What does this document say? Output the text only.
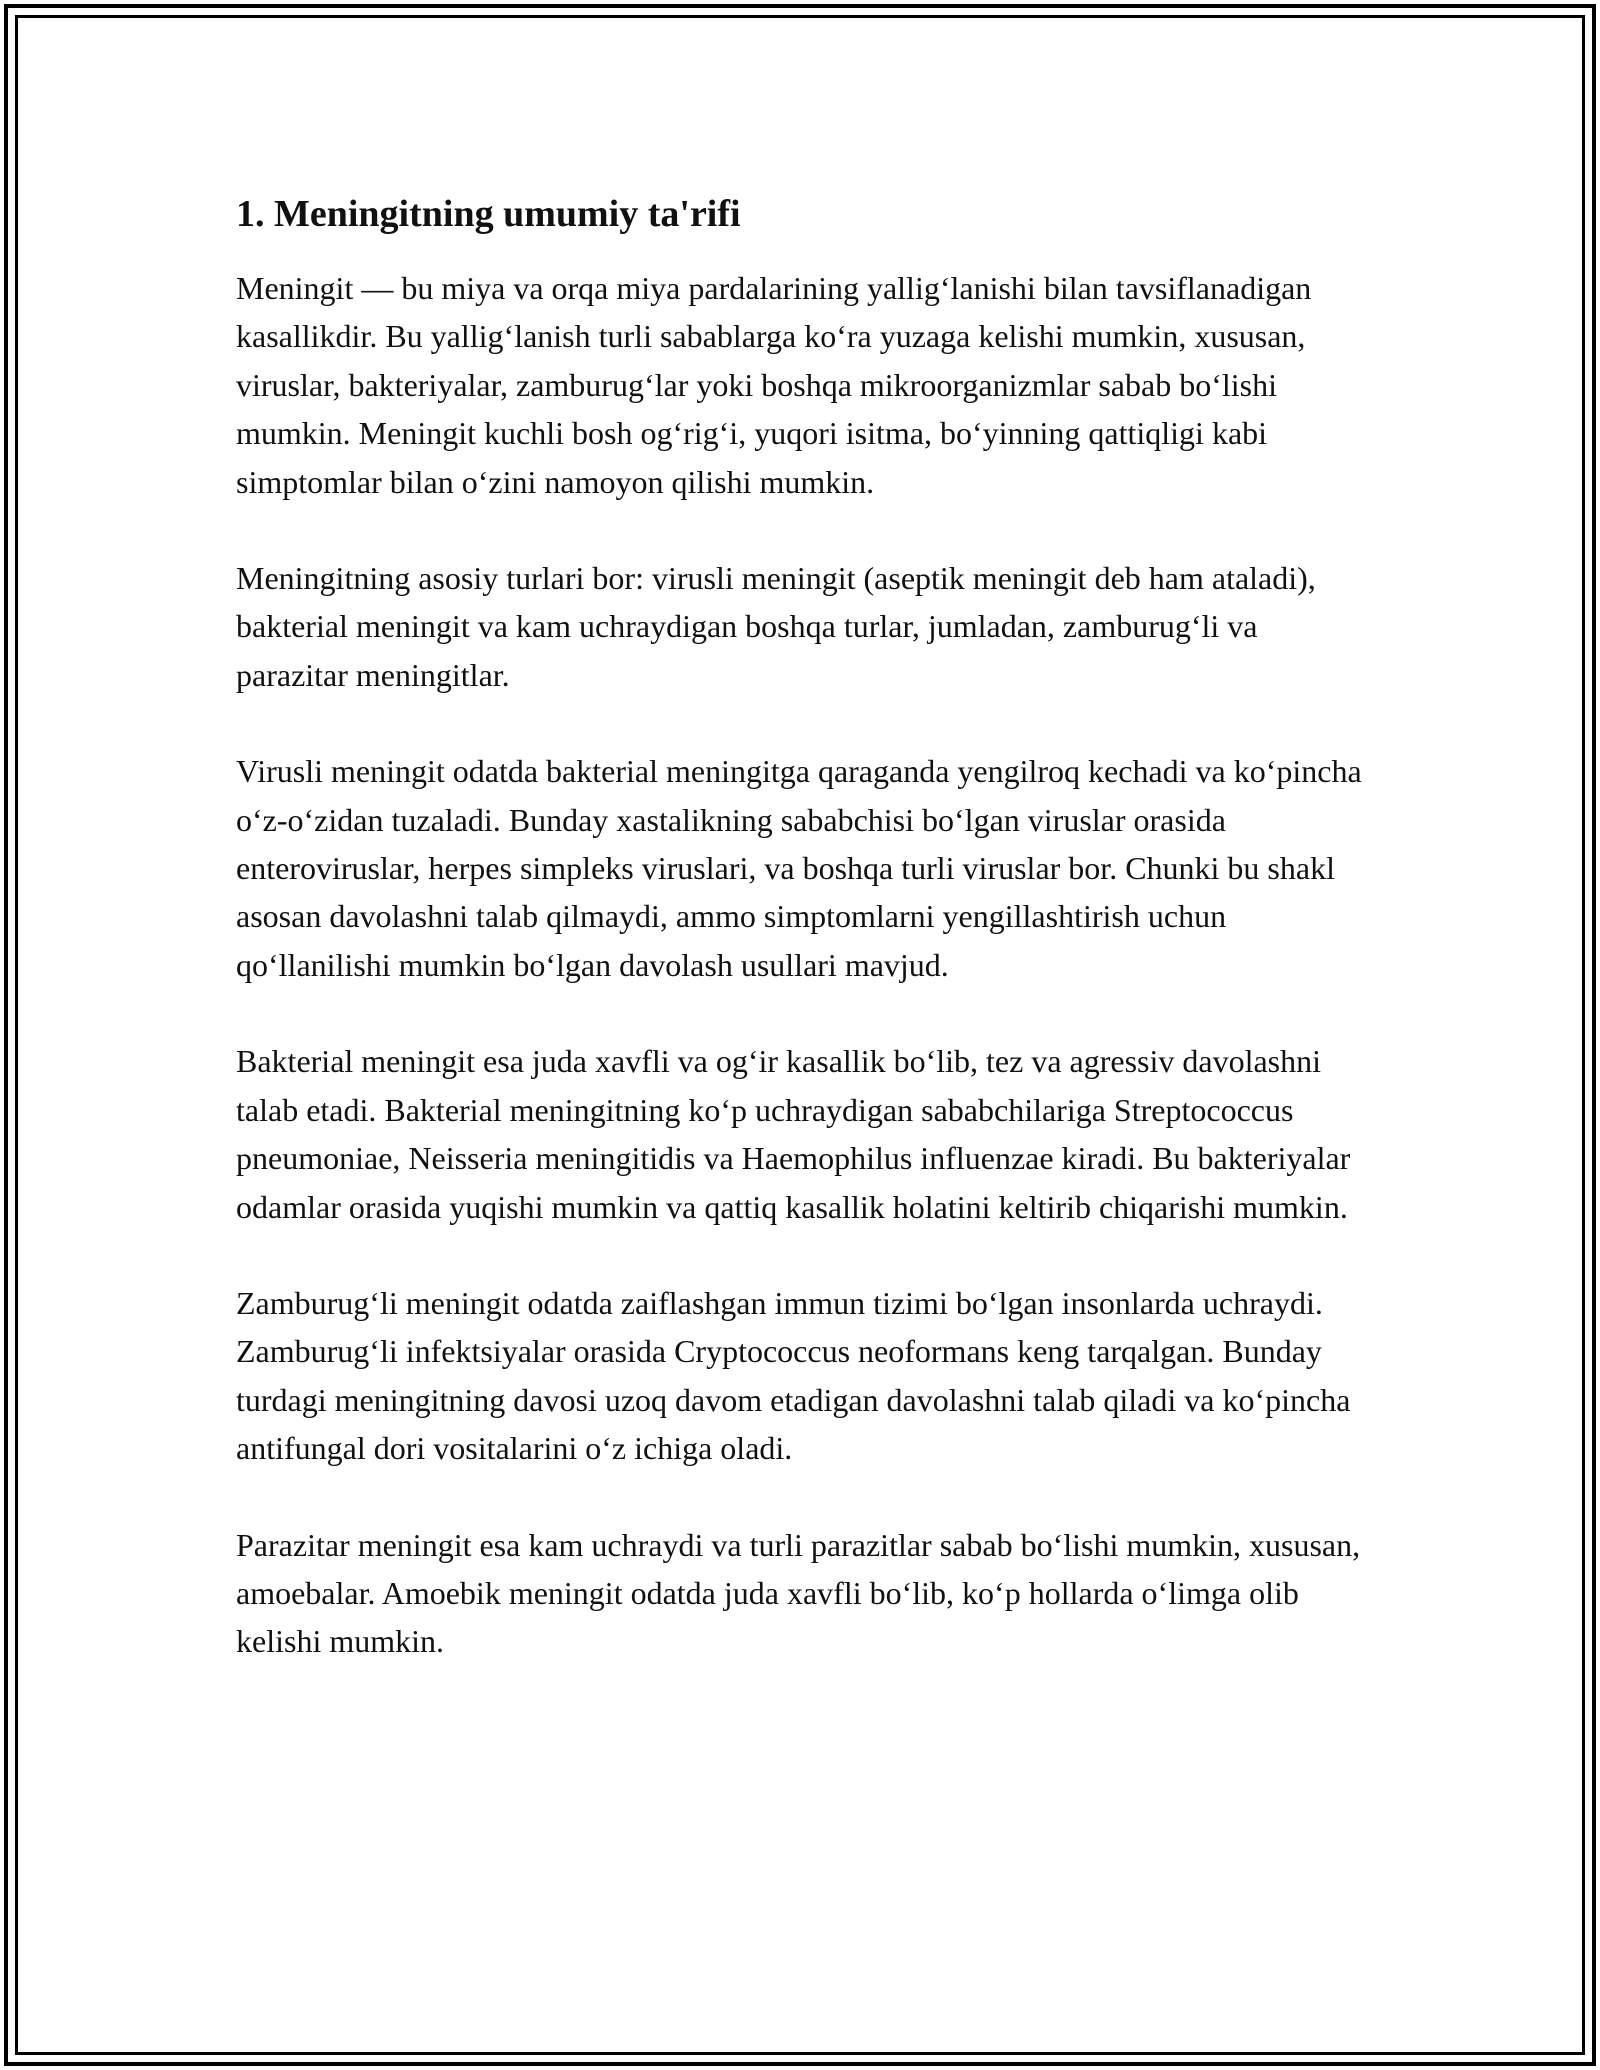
1. Meningitning umumiy ta'rifi

Meningit — bu miya va orqa miya pardalarining yallig‘lanishi bilan tavsiflanadigan kasallikdir. Bu yallig‘lanish turli sabablarga ko‘ra yuzaga kelishi mumkin, xususan, viruslar, bakteriyalar, zamburug‘lar yoki boshqa mikroorganizmlar sabab bo‘lishi mumkin. Meningit kuchli bosh og‘rig‘i, yuqori isitma, bo‘yinning qattiqligi kabi simptomlar bilan o‘zini namoyon qilishi mumkin.

Meningitning asosiy turlari bor: virusli meningit (aseptik meningit deb ham ataladi), bakterial meningit va kam uchraydigan boshqa turlar, jumladan, zamburug‘li va parazitar meningitlar.

Virusli meningit odatda bakterial meningitga qaraganda yengilroq kechadi va ko‘pincha o‘z-o‘zidan tuzaladi. Bunday xastalikning sababchisi bo‘lgan viruslar orasida enteroviruslar, herpes simpleks viruslari, va boshqa turli viruslar bor. Chunki bu shakl asosan davolashni talab qilmaydi, ammo simptomlarni yengillashtirish uchun qo‘llanilishi mumkin bo‘lgan davolash usullari mavjud.

Bakterial meningit esa juda xavfli va og‘ir kasallik bo‘lib, tez va agressiv davolashni talab etadi. Bakterial meningitning ko‘p uchraydigan sababchilariga Streptococcus pneumoniae, Neisseria meningitidis va Haemophilus influenzae kiradi. Bu bakteriyalar odamlar orasida yuqishi mumkin va qattiq kasallik holatini keltirib chiqarishi mumkin.

Zamburug‘li meningit odatda zaiflashgan immun tizimi bo‘lgan insonlarda uchraydi. Zamburug‘li infektsiyalar orasida Cryptococcus neoformans keng tarqalgan. Bunday turdagi meningitning davosi uzoq davom etadigan davolashni talab qiladi va ko‘pincha antifungal dori vositalarini o‘z ichiga oladi.

Parazitar meningit esa kam uchraydi va turli parazitlar sabab bo‘lishi mumkin, xususan, amoebalar. Amoebik meningit odatda juda xavfli bo‘lib, ko‘p hollarda o‘limga olib kelishi mumkin.
